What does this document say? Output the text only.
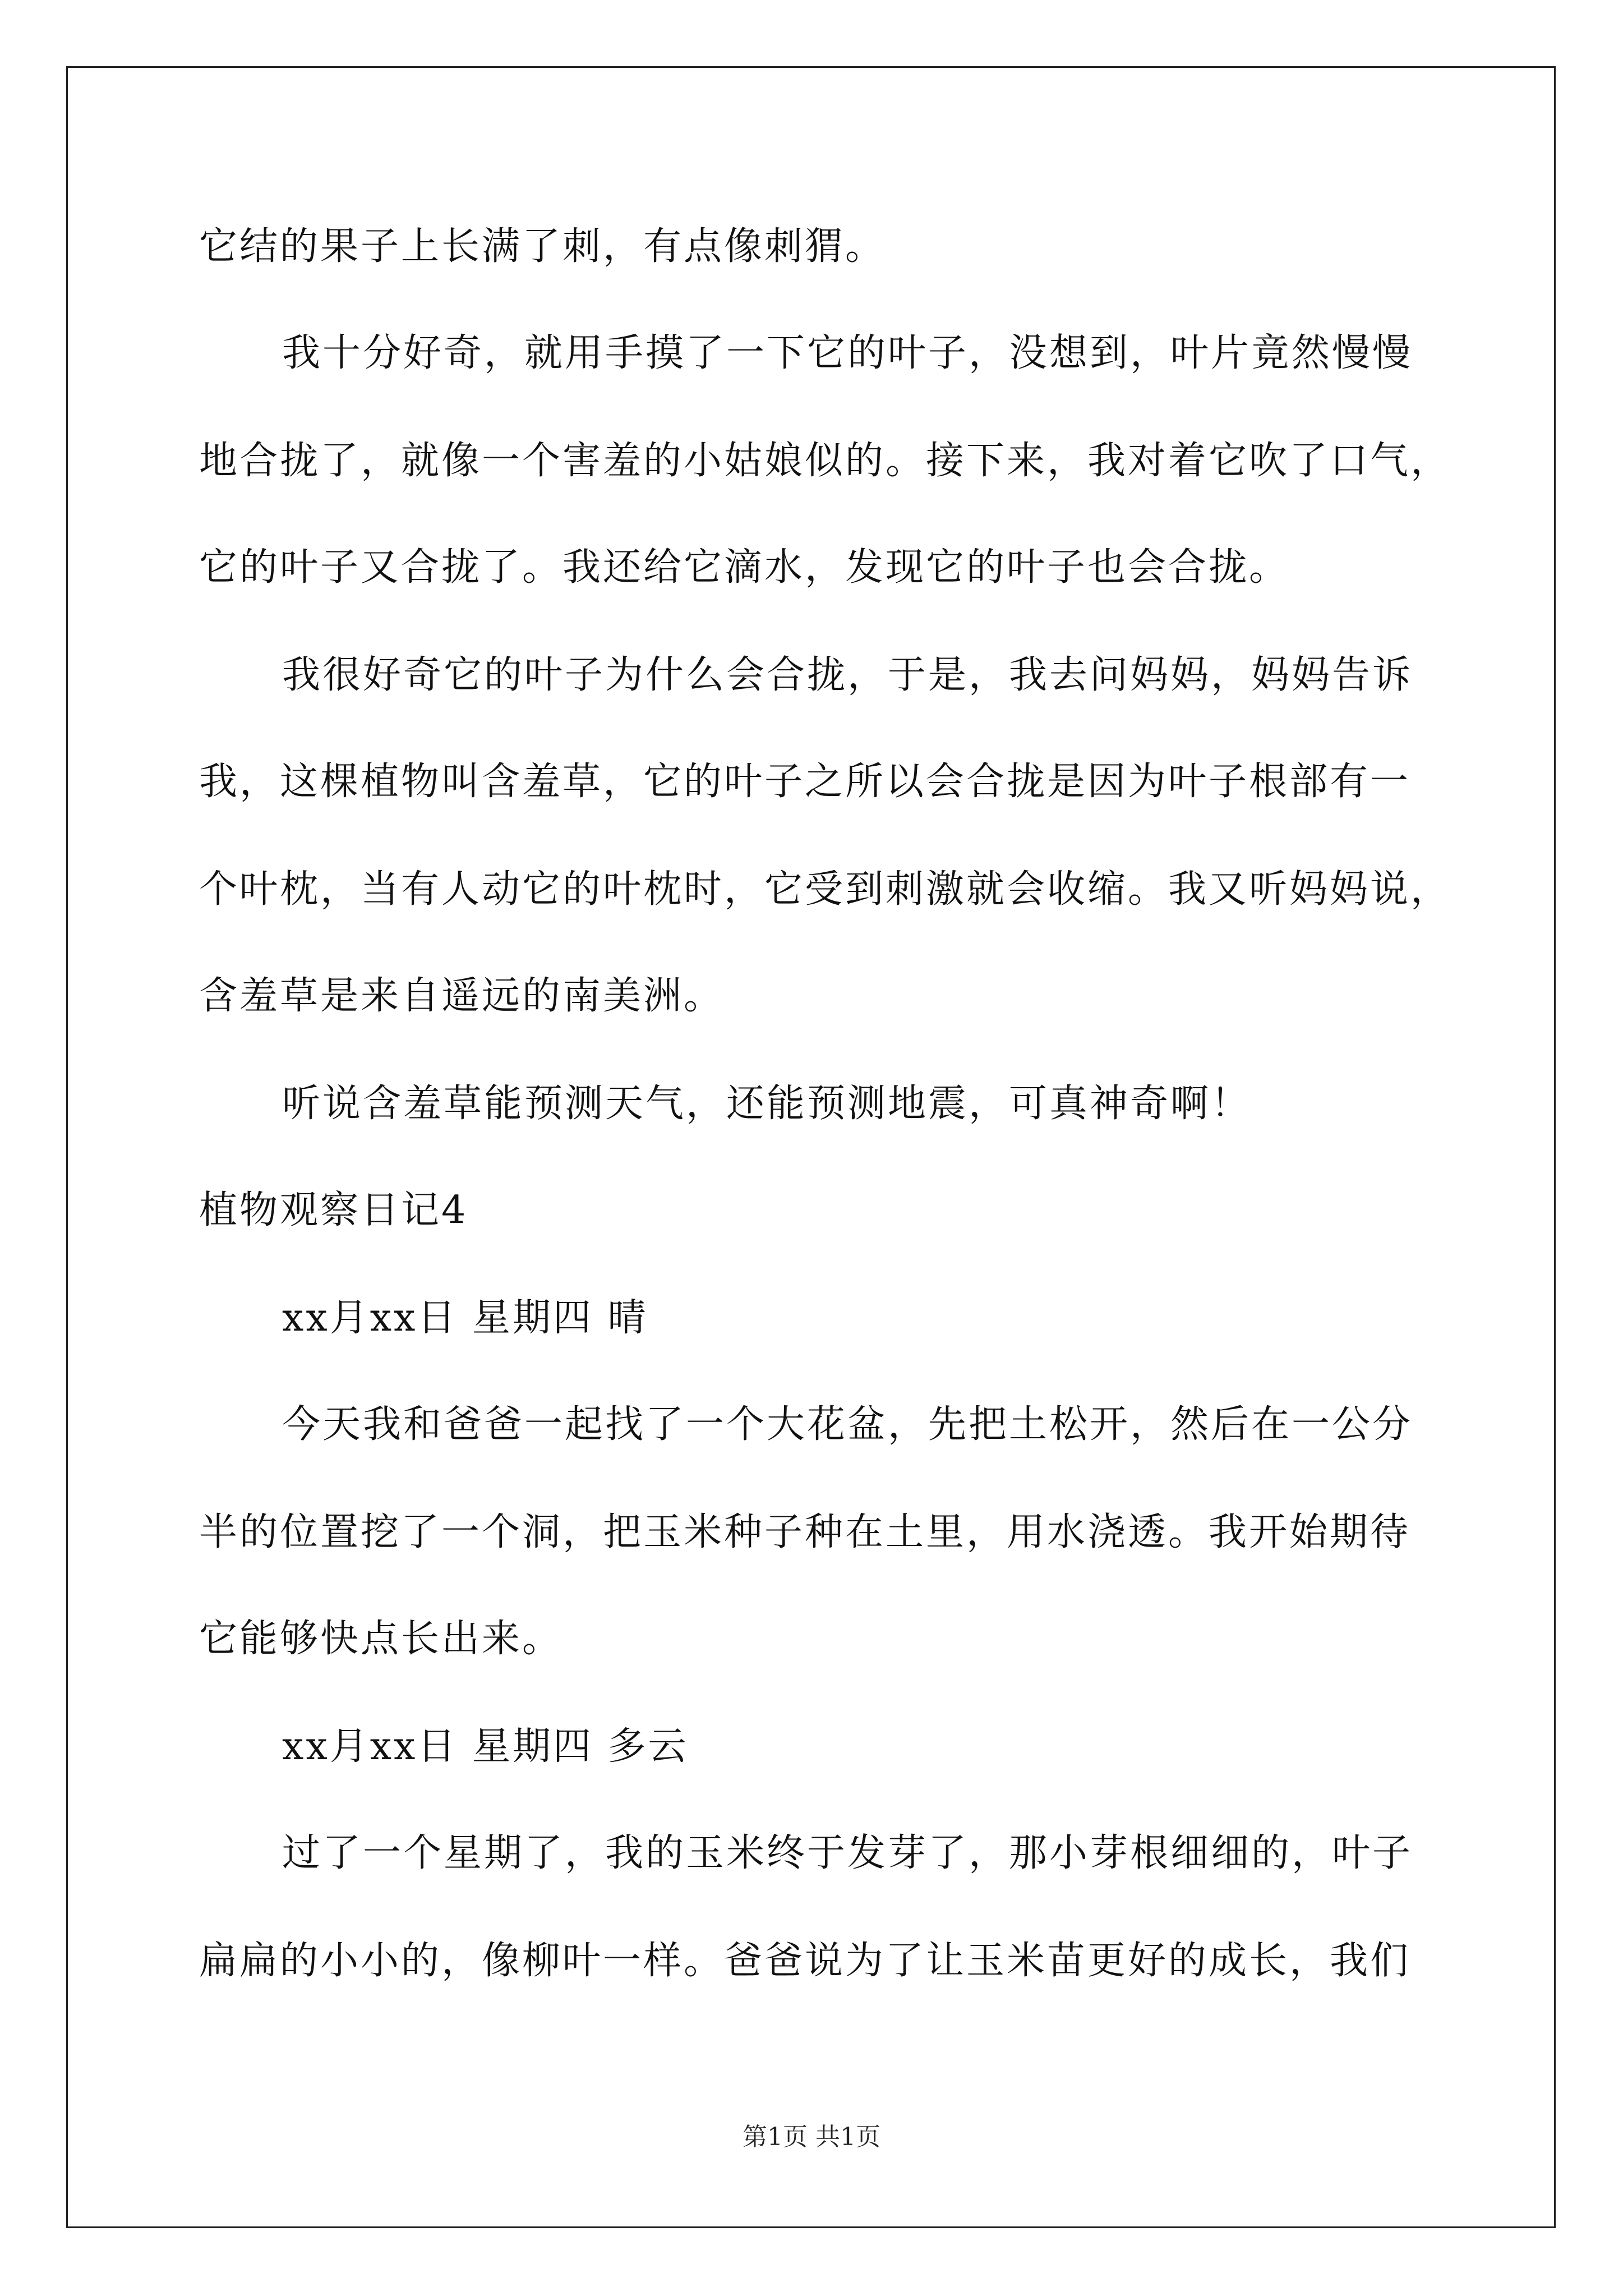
它结的果子上长满了刺，有点像刺猬。
我十分好奇，就用手摸了一下它的叶子，没想到，叶片竟然慢慢
地合拢了，就像一个害羞的小姑娘似的。接下来，我对着它吹了口气，
它的叶子又合拢了。我还给它滴水，发现它的叶子也会合拢。
我很好奇它的叶子为什么会合拢，于是，我去问妈妈，妈妈告诉
我，这棵植物叫含羞草，它的叶子之所以会合拢是因为叶子根部有一
个叶枕，当有人动它的叶枕时，它受到刺激就会收缩。我又听妈妈说，
含羞草是来自遥远的南美洲。
听说含羞草能预测天气，还能预测地震，可真神奇啊！
植物观察日记4
xx月xx日 星期四 晴
今天我和爸爸一起找了一个大花盆，先把土松开，然后在一公分
半的位置挖了一个洞，把玉米种子种在土里，用水浇透。我开始期待
它能够快点长出来。
xx月xx日 星期四 多云
过了一个星期了，我的玉米终于发芽了，那小芽根细细的，叶子
扁扁的小小的，像柳叶一样。爸爸说为了让玉米苗更好的成长，我们
第1页 共1页
